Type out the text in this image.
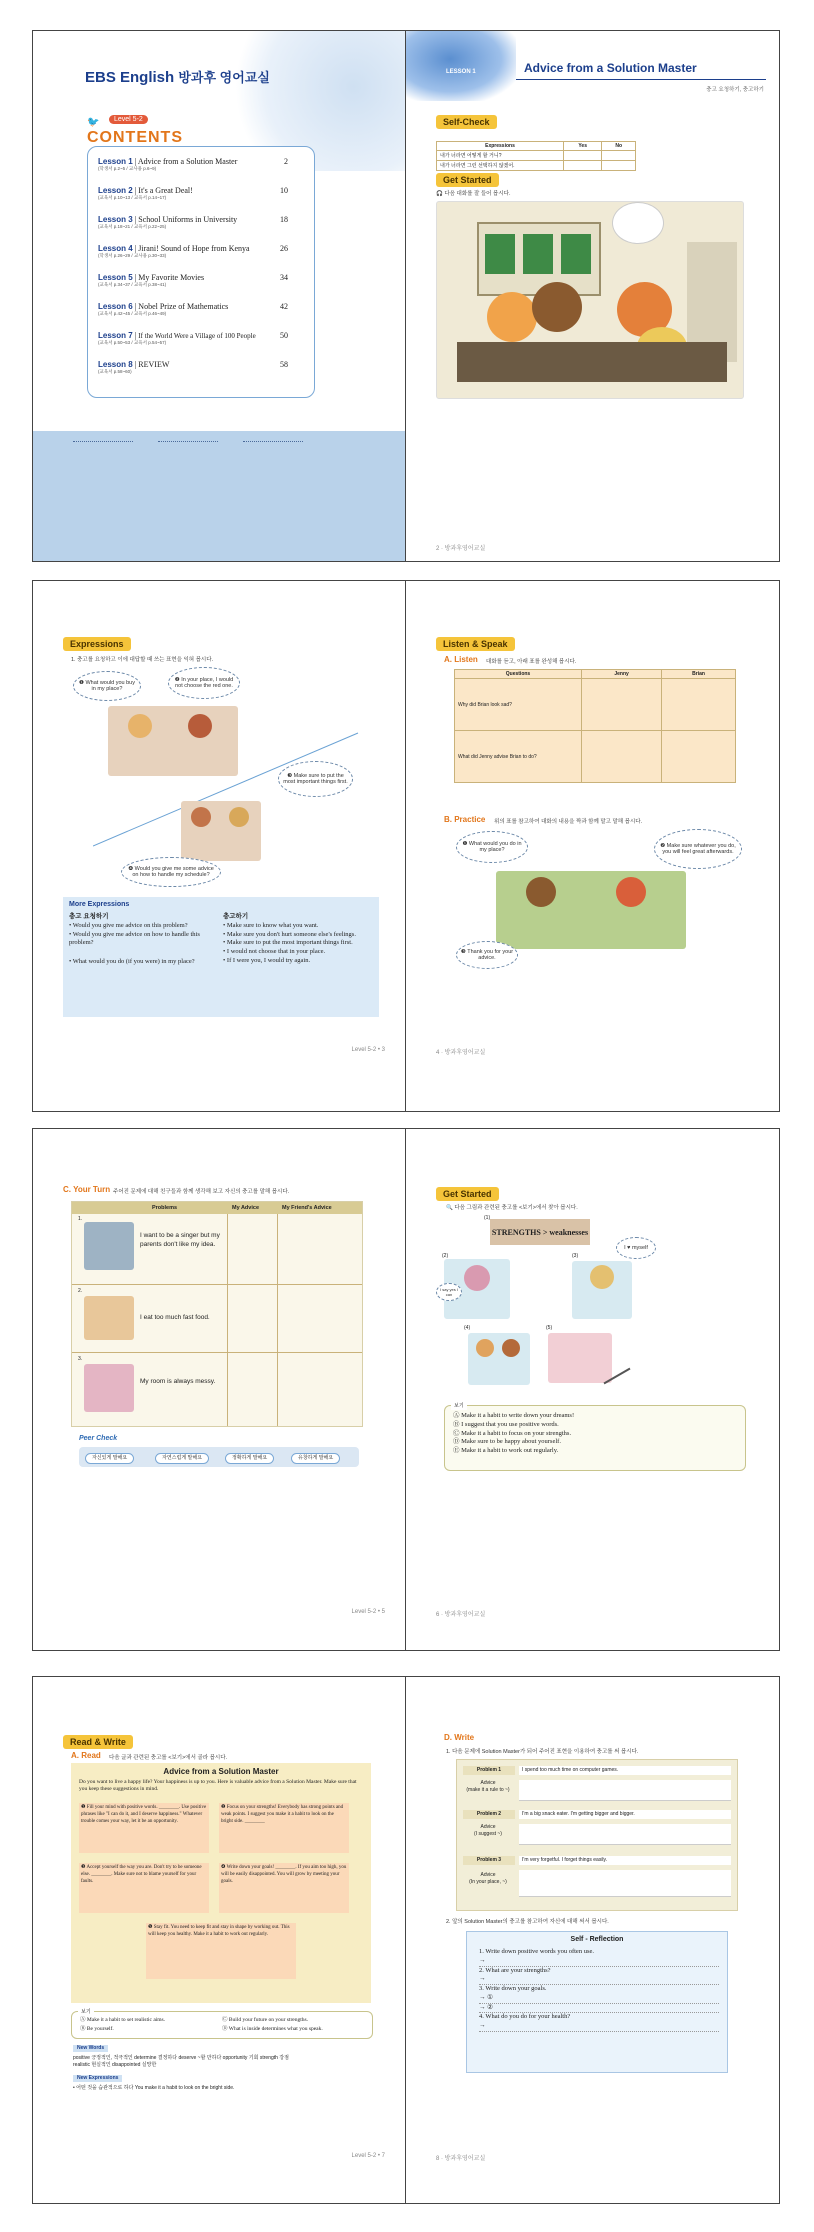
EBS English 방과후 영어교실
🐦	Level 5-2
CONTENTS
Lesson 1 | Advice from a Solution Master	2
(학생서 p.2~5 / 교사용 p.6~9)
Lesson 2 | It's a Great Deal!	10
(교육서 p.10~13 / 교육서 p.14~17)
Lesson 3 | School Uniforms in University	18
(교육서 p.18~21 / 교육서 p.22~25)
Lesson 4 | Jirani! Sound of Hope from Kenya	26
(학생서 p.26~29 / 교사용 p.30~33)
Lesson 5 | My Favorite Movies	34
(교육서 p.34~37 / 교육서 p.38~41)
Lesson 6 | Nobel Prize of Mathematics	42
(교육서 p.42~45 / 교육서 p.46~49)
Lesson 7 | If the World Were a Village of 100 People	50
(교육서 p.50~53 / 교육서 p.54~57)
Lesson 8 | REVIEW	58
(교육서 p.58~60)
LESSON 1	Advice from a Solution Master
충고 요청하기, 충고하기
Self-Check
Expressions	Yes	No
내가 너라면 어떻게 할 거니?		
내가 너라면 그런 선택하지 않겠어.		
Get Started
🎧 다음 대화를 잘 들어 봅시다.
2 · 방과후영어교실
Expressions
1. 충고를 요청하고 이에 대답할 때 쓰는 표현을 익혀 봅시다.
❶ What would you buy in my place?
❷ In your place, I would not choose the red one.
❸ Make sure to put the most important things first.
❹ Would you give me some advice on how to handle my schedule?
More Expressions
충고 요청하기
• Would you give me advice on this problem?
• Would you give me advice on how to handle this problem?
• What would you do (if you were) in my place?
충고하기
• Make sure to know what you want.
• Make sure you don't hurt someone else's feelings.
• Make sure to put the most important things first.
• I would not choose that in your place.
• If I were you, I would try again.
Level 5-2 • 3
Listen & Speak
A. Listen 대화를 듣고, 아래 표를 완성해 봅시다.
Questions	Jenny	Brian
Why did Brian look sad?		
What did Jenny advise Brian to do?		
B. Practice 위의 표를 참고하여 대화의 내용을 짝과 함께 말고 말해 봅시다.
❶ What would you do in my place?
❷ Make sure whatever you do, you will feel great afterwards.
❸ Thank you for your advice.
4 · 방과후영어교실
C. Your Turn 주어진 문제에 대해 친구들과 함께 생각해 보고 자신의 충고를 말해 봅시다.
Problems	My Advice	My Friend's Advice
1.
I want to be a singer but my parents don't like my idea.
2.
I eat too much fast food.
3.
My room is always messy.
Peer Check
자신있게 말해요	자연스럽게 말해요	정확하게 말해요	유창하게 말해요
Level 5-2 • 5
Get Started
🔍 다음 그림과 관련된 충고를 <보기>에서 찾아 봅시다.
(1)
STRENGTHS > weaknesses
(2)
I say yes I can
(3)
I ♥ myself
(4)	(5)
보기
Ⓐ Make it a habit to write down your dreams!
Ⓑ I suggest that you use positive words.
Ⓒ Make it a habit to focus on your strengths.
Ⓓ Make sure to be happy about yourself.
Ⓔ Make it a habit to work out regularly.
6 · 방과후영어교실
Read & Write
A. Read 다음 글과 관련된 충고를 <보기>에서 골라 봅시다.
Advice from a Solution Master
Do you want to live a happy life? Your happiness is up to you. Here is valuable advice from a Solution Master. Make sure that you keep these suggestions in mind.
❶ Fill your mind with positive words. ________. Use positive phrases like "I can do it, and I deserve happiness." Whatever trouble comes your way, let it be an opportunity.
❷ Focus on your strengths! Everybody has strong points and weak points. I suggest you make it a habit to look on the bright side. ________
❸ Accept yourself the way you are. Don't try to be someone else. ________. Make sure not to blame yourself for your faults.
❹ Write down your goals! ________. If you aim too high, you will be easily disappointed. You will grow by meeting your goals.
❺ Stay fit. You need to keep fit and stay in shape by working out. This will keep you healthy. Make it a habit to work out regularly.
보기
Ⓐ Make it a habit to set realistic aims.
Ⓑ Be yourself.
Ⓒ Build your future on your strengths.
Ⓓ What is inside determines what you speak.
New Words
positive 긍정적인, 적극적인 determine 결정하다 deserve ~할 만하다 opportunity 기회 strength 강점 realistic 현실적인 disappointed 실망한
New Expressions
• 어떤 것을 습관적으로 하다 You make it a habit to look on the bright side.
Level 5-2 • 7
D. Write
1. 다음 문제에 Solution Master가 되어 주어진 표현을 이용하여 충고를 써 봅시다.
Problem 1	I spend too much time on computer games.
Advice
(make it a rule to ~)
Problem 2	I'm a big snack eater. I'm getting bigger and bigger.
Advice
(I suggest ~)
Problem 3	I'm very forgetful. I forget things easily.
Advice
(In your place, ~)
2. 앞의 Solution Master의 충고를 참고하여 자신에 대해 써서 봅시다.
Self - Reflection
1. Write down positive words you often use.
→
2. What are your strengths?
→
3. Write down your goals.
→ ①
→ ②
4. What do you do for your health?
→
8 · 방과후영어교실
